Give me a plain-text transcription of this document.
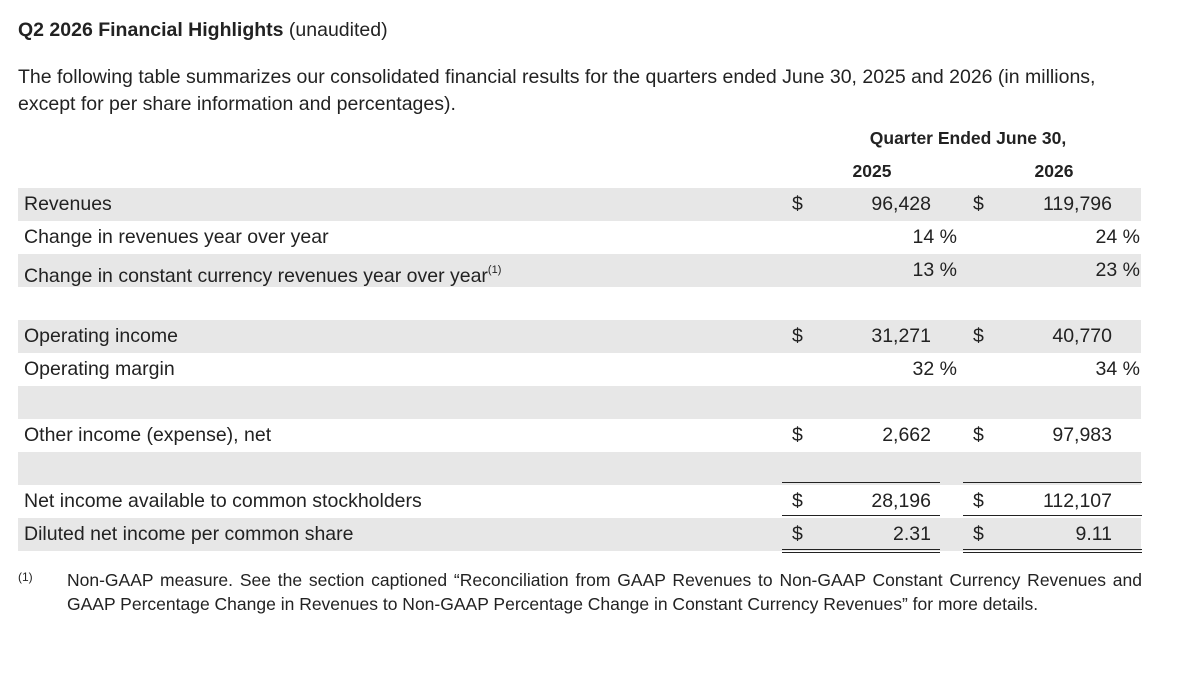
Q2 2026 Financial Highlights (unaudited)
The following table summarizes our consolidated financial results for the quarters ended June 30, 2025 and 2026 (in millions, except for per share information and percentages).
Quarter Ended June 30,
2025	2026
Revenues	$	96,428 $	119,796
Change in revenues year over year	14 %	24 %
Change in constant currency revenues year over year$^{(1)}$	13 %	23 %
Operating income	$	31,271 $	40,770
Operating margin	32 %	34 %
Other income (expense), net	$	2,662 $	97,983
Net income available to common stockholders	$	28,196 $	112,107
Diluted net income per common share	$	2.31 $	9.11
(1) Non-GAAP measure. See the section captioned “Reconciliation from GAAP Revenues to Non-GAAP Constant Currency Revenues and GAAP Percentage Change in Revenues to Non-GAAP Percentage Change in Constant Currency Revenues” for more details.
